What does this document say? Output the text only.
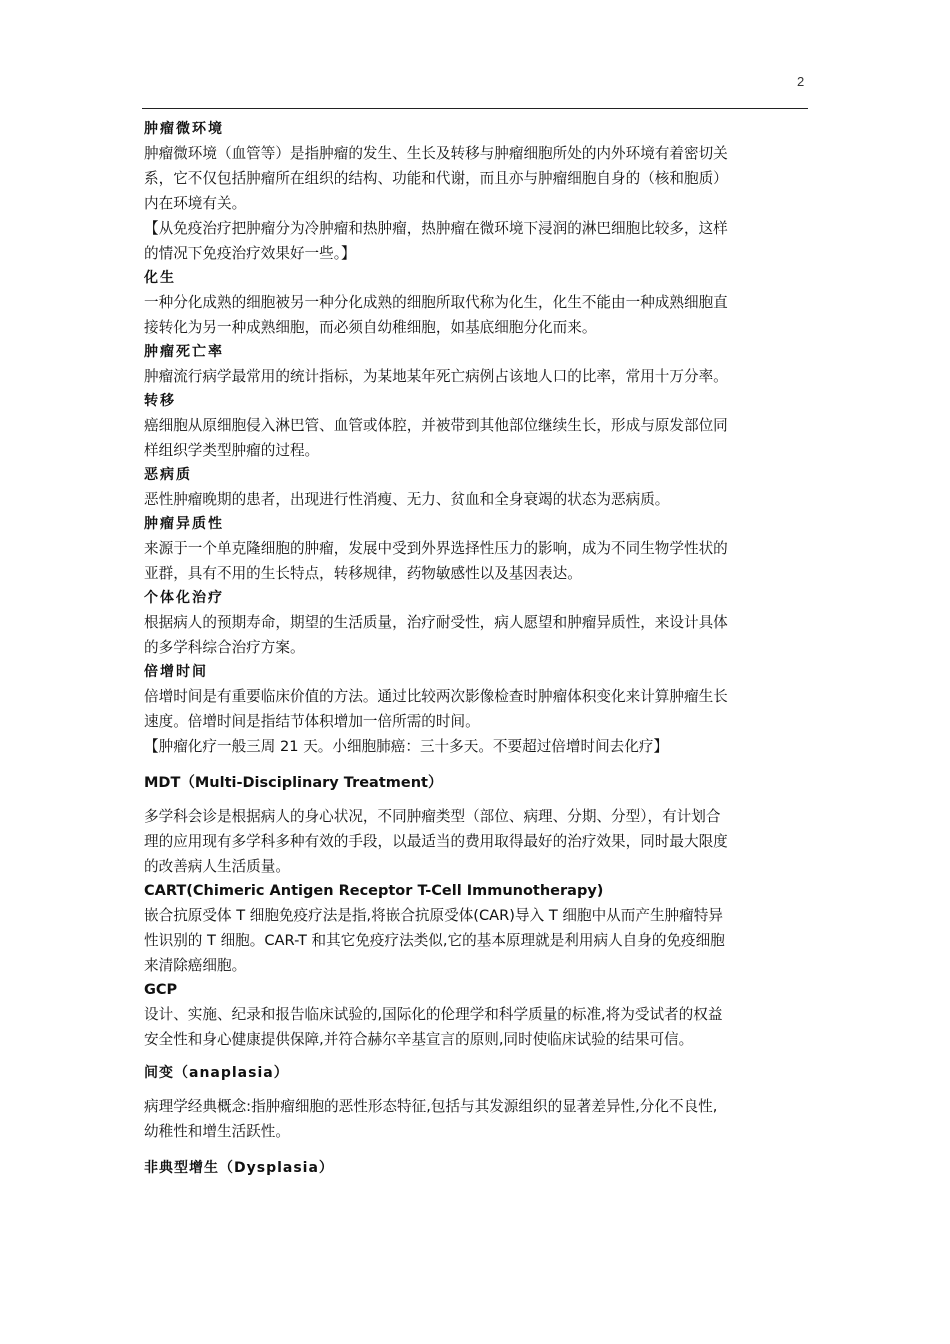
2
肿瘤微环境
肿瘤微环境（血管等）是指肿瘤的发生、生长及转移与肿瘤细胞所处的内外环境有着密切关
系，它不仅包括肿瘤所在组织的结构、功能和代谢，而且亦与肿瘤细胞自身的（核和胞质）
内在环境有关。
【从免疫治疗把肿瘤分为冷肿瘤和热肿瘤，热肿瘤在微环境下浸润的淋巴细胞比较多，这样
的情况下免疫治疗效果好一些。】
化生
一种分化成熟的细胞被另一种分化成熟的细胞所取代称为化生，化生不能由一种成熟细胞直
接转化为另一种成熟细胞，而必须自幼稚细胞，如基底细胞分化而来。
肿瘤死亡率
肿瘤流行病学最常用的统计指标，为某地某年死亡病例占该地人口的比率，常用十万分率。
转移
癌细胞从原细胞侵入淋巴管、血管或体腔，并被带到其他部位继续生长，形成与原发部位同
样组织学类型肿瘤的过程。
恶病质
恶性肿瘤晚期的患者，出现进行性消瘦、无力、贫血和全身衰竭的状态为恶病质。
肿瘤异质性
来源于一个单克隆细胞的肿瘤，发展中受到外界选择性压力的影响，成为不同生物学性状的
亚群，具有不用的生长特点，转移规律，药物敏感性以及基因表达。
个体化治疗
根据病人的预期寿命，期望的生活质量，治疗耐受性，病人愿望和肿瘤异质性，来设计具体
的多学科综合治疗方案。
倍增时间
倍增时间是有重要临床价值的方法。通过比较两次影像检查时肿瘤体积变化来计算肿瘤生长
速度。倍增时间是指结节体积增加一倍所需的时间。
【肿瘤化疗一般三周 21 天。小细胞肺癌：三十多天。不要超过倍增时间去化疗】
MDT（Multi-Disciplinary Treatment）
多学科会诊是根据病人的身心状况，不同肿瘤类型（部位、病理、分期、分型），有计划合
理的应用现有多学科多种有效的手段，以最适当的费用取得最好的治疗效果，同时最大限度
的改善病人生活质量。
CART(Chimeric Antigen Receptor T-Cell Immunotherapy)
嵌合抗原受体 T 细胞免疫疗法是指,将嵌合抗原受体(CAR)导入 T 细胞中从而产生肿瘤特异
性识别的 T 细胞。CAR-T 和其它免疫疗法类似,它的基本原理就是利用病人自身的免疫细胞
来清除癌细胞。
GCP
设计、实施、纪录和报告临床试验的,国际化的伦理学和科学质量的标准,将为受试者的权益
安全性和身心健康提供保障,并符合赫尔辛基宣言的原则,同时使临床试验的结果可信。
间变（anaplasia）
病理学经典概念:指肿瘤细胞的恶性形态特征,包括与其发源组织的显著差异性,分化不良性,
幼稚性和增生活跃性。
非典型增生（Dysplasia）
